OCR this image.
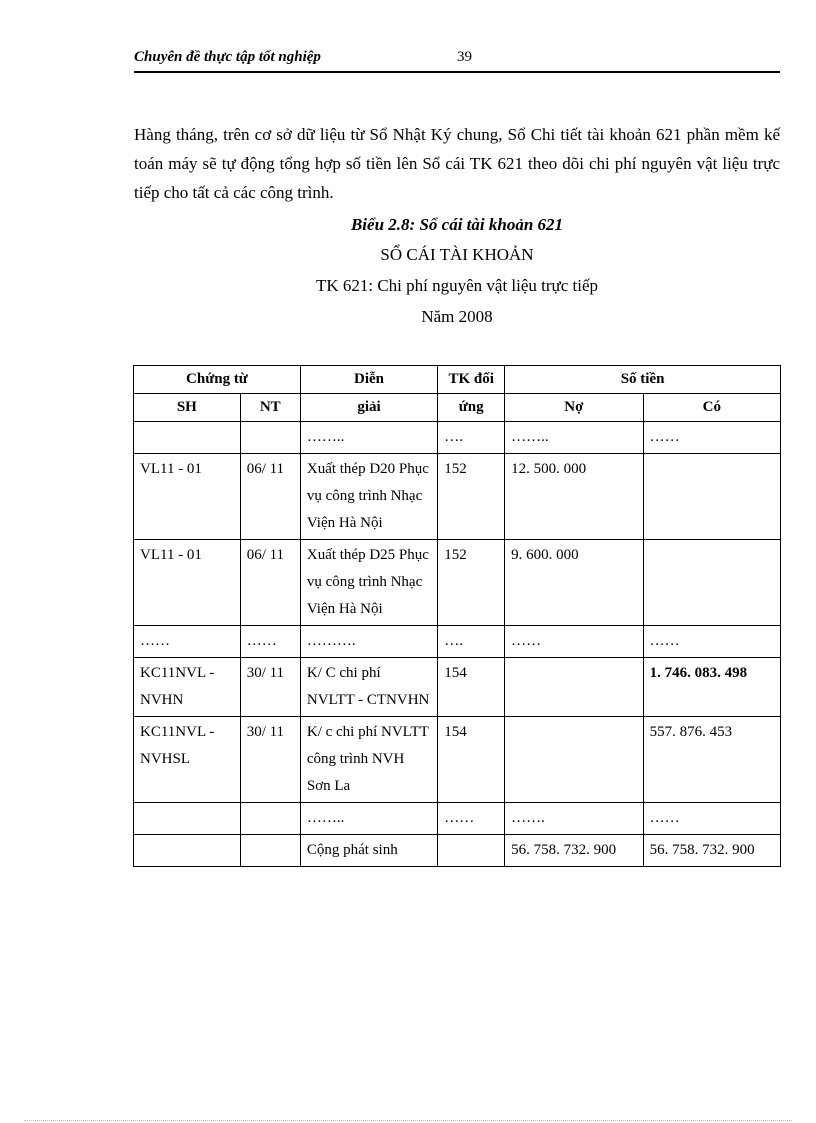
Chuyên đề thực tập tốt nghiệp	39
Hàng tháng, trên cơ sở dữ liệu từ Sổ Nhật Ký chung, Sổ Chi tiết tài khoản 621 phần mềm kế toán máy sẽ tự động tổng hợp số tiền lên Sổ cái TK 621 theo dõi chi phí nguyên vật liệu trực tiếp cho tất cả các công trình.
Biểu 2.8: Sổ cái tài khoản 621
SỔ CÁI TÀI KHOẢN
TK 621: Chi phí nguyên vật liệu trực tiếp
Năm 2008
Chứng từ		Diễn	TK đối	Số tiền	
SH	NT	giải	ứng	Nợ	Có
		……..	….	……..	……
VL11 - 01	06/ 11	Xuất thép D20 Phục vụ công trình Nhạc Viện Hà Nội	152	12. 500. 000	
VL11 - 01	06/ 11	Xuất thép D25 Phục vụ công trình Nhạc Viện Hà Nội	152	9. 600. 000	
……	……	……….	….	……	……
KC11NVL - NVHN	30/ 11	K/ C chi phí NVLTT - CTNVHN	154		1. 746. 083. 498
KC11NVL - NVHSL	30/ 11	K/ c chi phí NVLTT công trình NVH Sơn La	154		557. 876. 453
		……..	……	…….	……
		Cộng phát sinh		56. 758. 732. 900	56. 758. 732. 900
